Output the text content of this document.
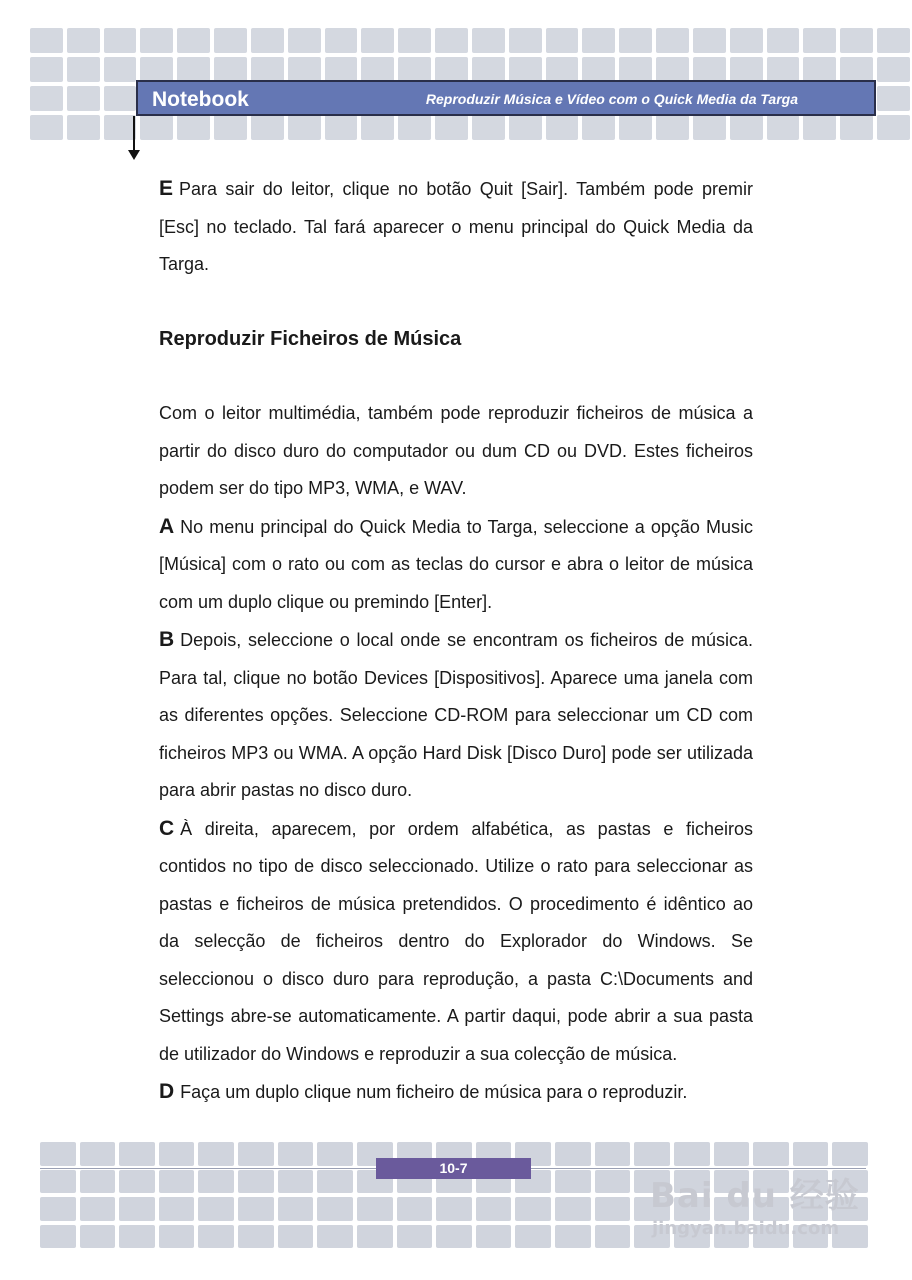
Notebook	Reproduzir Música e Vídeo com o Quick Media da Targa

E Para sair do leitor, clique no botão Quit [Sair]. Também pode premir [Esc] no teclado. Tal fará aparecer o menu principal do Quick Media da Targa.

Reproduzir Ficheiros de Música

Com o leitor multimédia, também pode reproduzir ficheiros de música a partir do disco duro do computador ou dum CD ou DVD. Estes ficheiros podem ser do tipo MP3, WMA, e WAV.

A No menu principal do Quick Media to Targa, seleccione a opção Music [Música] com o rato ou com as teclas do cursor e abra o leitor de música com um duplo clique ou premindo [Enter].

B Depois, seleccione o local onde se encontram os ficheiros de música. Para tal, clique no botão Devices [Dispositivos]. Aparece uma janela com as diferentes opções. Seleccione CD-ROM para seleccionar um CD com ficheiros MP3 ou WMA. A opção Hard Disk [Disco Duro] pode ser utilizada para abrir pastas no disco duro.

C À direita, aparecem, por ordem alfabética, as pastas e ficheiros contidos no tipo de disco seleccionado. Utilize o rato para seleccionar as pastas e ficheiros de música pretendidos. O procedimento é idêntico ao da selecção de ficheiros dentro do Explorador do Windows. Se seleccionou o disco duro para reprodução, a pasta C:\Documents and Settings abre-se automaticamente. A partir daqui, pode abrir a sua pasta de utilizador do Windows e reproduzir a sua colecção de música.

D Faça um duplo clique num ficheiro de música para o reproduzir.

10-7
Bai du 经验
jingyan.baidu.com
